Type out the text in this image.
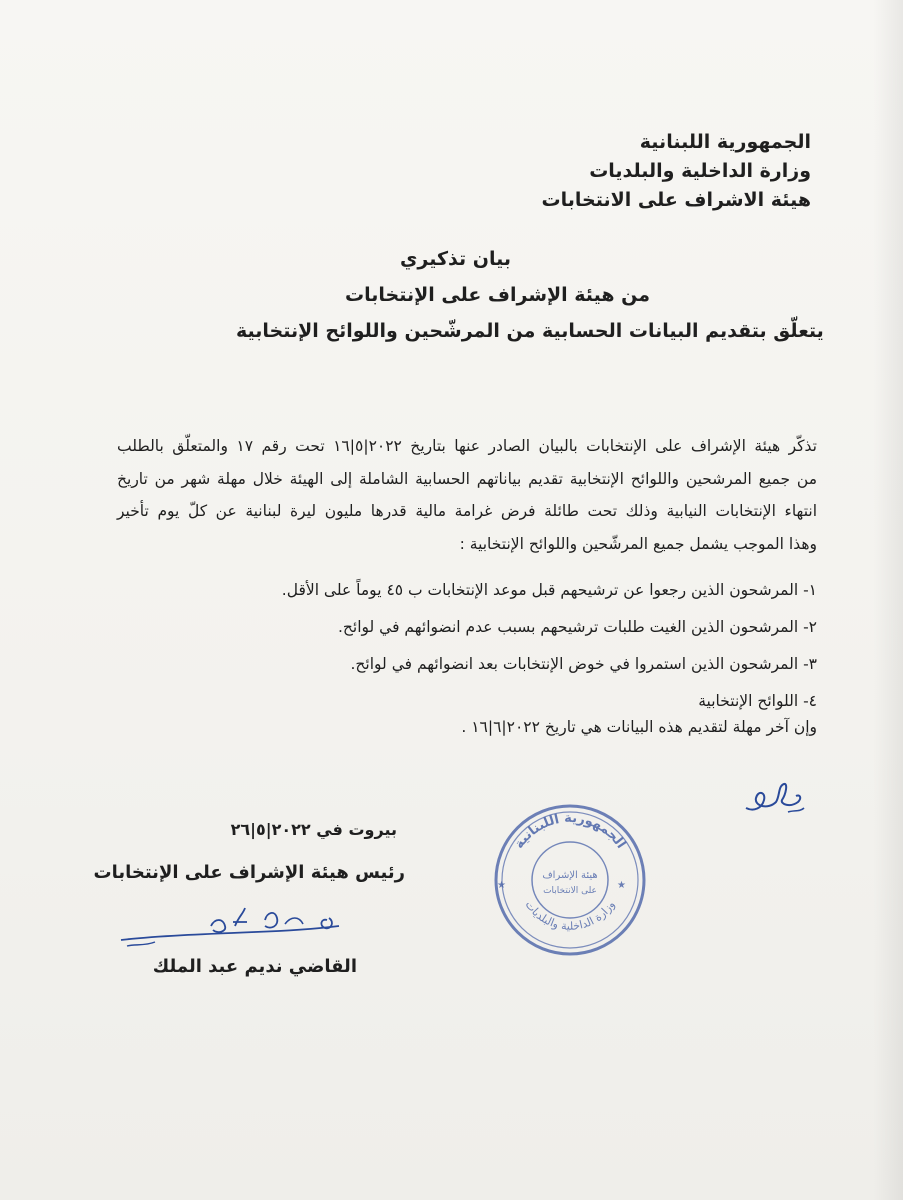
الجمهورية اللبنانية
وزارة الداخلية والبلديات
هيئة الاشراف على الانتخابات
بيان تذكيري
من هيئة الإشراف على الإنتخابات
يتعلّق بتقديم البيانات الحسابية من المرشّحين واللوائح الإنتخابية
تذكّر هيئة الإشراف على الإنتخابات بالبيان الصادر عنها بتاريخ ٢٠٢٢|٥|١٦ تحت رقم ١٧ والمتعلّق بالطلب
من جميع المرشحين واللوائح الإنتخابية تقديم بياناتهم الحسابية الشاملة إلى الهيئة خلال مهلة شهر من تاريخ
انتهاء الإنتخابات النيابية وذلك تحت طائلة فرض غرامة مالية قدرها مليون ليرة لبنانية عن كلّ يوم تأخير
وهذا الموجب يشمل جميع المرشّحين واللوائح الإنتخابية :
١- المرشحون الذين رجعوا عن ترشيحهم قبل موعد الإنتخابات ب ٤٥ يوماً على الأقل.
٢- المرشحون الذين الغيت طلبات ترشيحهم بسبب عدم انضوائهم في لوائح.
٣- المرشحون الذين استمروا في خوض الإنتخابات بعد انضوائهم في لوائح.
٤- اللوائح الإنتخابية
وإن آخر مهلة لتقديم هذه البيانات هي تاريخ ٢٠٢٢|٦|١٦ .
الجمهورية اللبنانية
وزارة الداخلية والبلديات
هيئة الإشراف
على الانتخابات
★	★
بيروت في ٢٠٢٢|٥|٢٦
رئيس هيئة الإشراف على الإنتخابات
القاضي نديم عبد الملك
